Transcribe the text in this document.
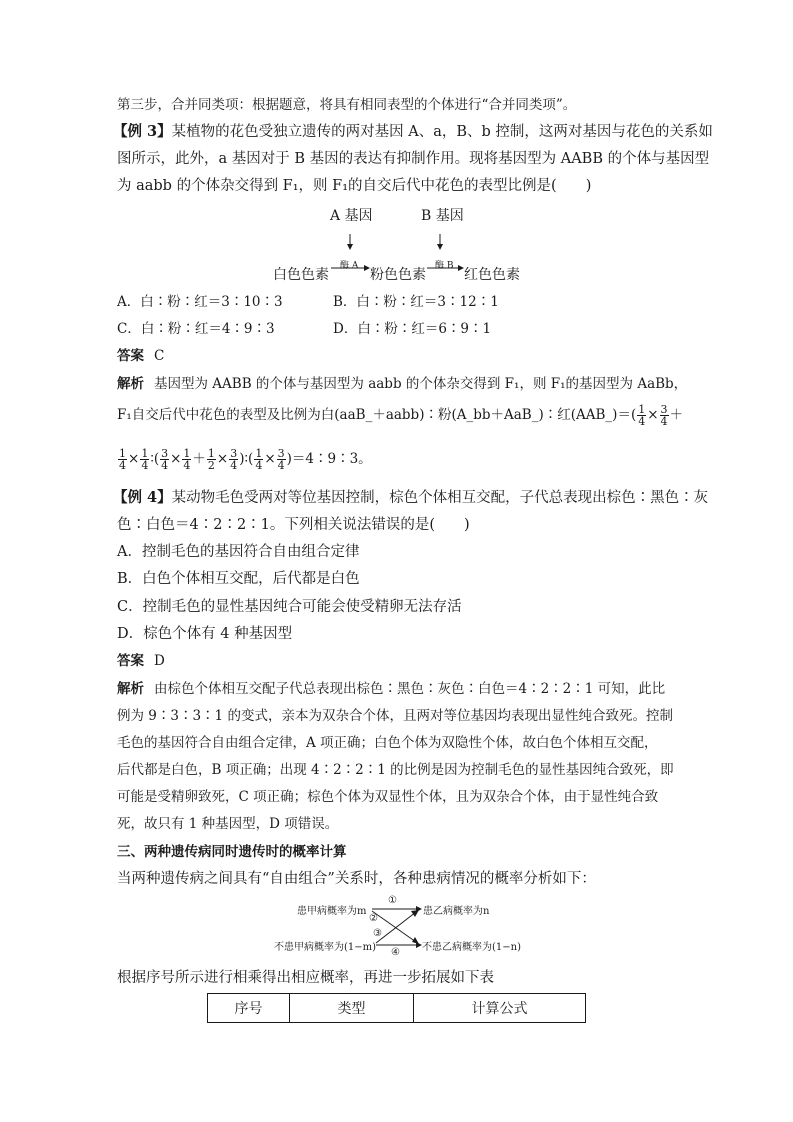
第三步，合并同类项：根据题意，将具有相同表型的个体进行“合并同类项”。
【例 3】某植物的花色受独立遗传的两对基因 A、a，B、b 控制，这两对基因与花色的关系如
图所示，此外，a 基因对于 B 基因的表达有抑制作用。现将基因型为 AABB 的个体与基因型
为 aabb 的个体杂交得到 F₁，则 F₁的自交后代中花色的表型比例是(　　)
A 基因	B 基因
酶 A	酶 B
白色色素	粉色色素	红色色素
A．白∶粉∶红＝3∶10∶3	B．白∶粉∶红＝3∶12∶1
C．白∶粉∶红＝4∶9∶3	D．白∶粉∶红＝6∶9∶1
答案 C
解析 基因型为 AABB 的个体与基因型为 aabb 的个体杂交得到 F₁，则 F₁的基因型为 AaBb，
F₁自交后代中花色的表型及比例为白(aaB_＋aabb)∶粉(A_bb＋AaB_)∶红(AAB_)＝( $\frac{1}{4} \times \frac{3}{4}$ ＋
$\frac{1}{4} \times \frac{1}{4}$ ∶( $\frac{3}{4} \times \frac{1}{4} + \frac{1}{2} \times \frac{3}{4}$ )∶( $\frac{1}{4} \times \frac{3}{4}$ )＝4∶9∶3。
【例 4】某动物毛色受两对等位基因控制，棕色个体相互交配，子代总表现出棕色∶黑色∶灰
色∶白色＝4∶2∶2∶1。下列相关说法错误的是(　　)
A．控制毛色的基因符合自由组合定律
B．白色个体相互交配，后代都是白色
C．控制毛色的显性基因纯合可能会使受精卵无法存活
D．棕色个体有 4 种基因型
答案 D
解析 由棕色个体相互交配子代总表现出棕色∶黑色∶灰色∶白色＝4∶2∶2∶1 可知，此比
例为 9∶3∶3∶1 的变式，亲本为双杂合个体，且两对等位基因均表现出显性纯合致死。控制
毛色的基因符合自由组合定律，A 项正确；白色个体为双隐性个体，故白色个体相互交配，
后代都是白色，B 项正确；出现 4∶2∶2∶1 的比例是因为控制毛色的显性基因纯合致死，即
可能是受精卵致死，C 项正确；棕色个体为双显性个体，且为双杂合个体，由于显性纯合致
死，故只有 1 种基因型，D 项错误。
三、两种遗传病同时遗传时的概率计算
当两种遗传病之间具有“自由组合”关系时，各种患病情况的概率分析如下：
患甲病概率为m	患乙病概率为n
不患甲病概率为(1−m)	不患乙病概率为(1−n)
①
②
③
④
根据序号所示进行相乘得出相应概率，再进一步拓展如下表
序号	类型	计算公式
